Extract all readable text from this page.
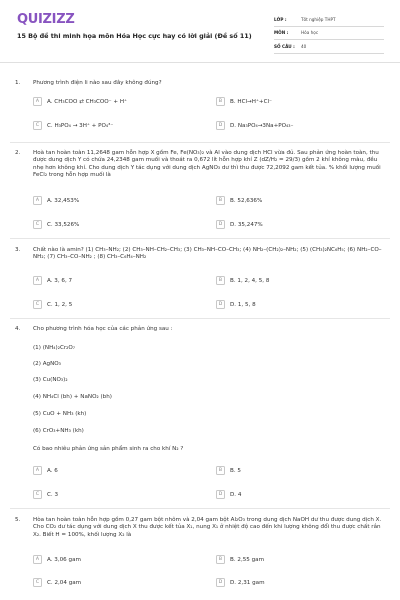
QUIZIZZ
15 Bộ đề thi minh họa môn Hóa Học cực hay có lời giải (Đề số 11)
LỚP :	Tốt nghiệp THPT
MÔN :	Hóa học
SỐ CÂU :	40
1. Phương trình điện li nào sau đây không đúng?
A	A. CH₃COO ⇄ CH₃COO⁻ + H⁺	B	B. HCl→H⁺+Cl⁻
C	C. H₃PO₄ → 3H⁺ + PO₄³⁻	D	D. Na₃PO₄→3Na+PO₄₃₋
2. Hoà tan hoàn toàn 11,2648 gam hỗn hợp X gồm Fe, Fe(NO₃)₂ và Al vào dung dịch HCl vừa đủ. Sau phản ứng hoàn toàn, thu được dung dịch Y có chứa 24,2348 gam muối và thoát ra 0,672 lít hỗn hợp khí Z (dZ/H₂ = 29/3) gồm 2 khí không màu, đều nhẹ hơn không khí. Cho dung dịch Y tác dụng với dung dịch AgNO₃ dư thì thu được 72,2092 gam kết tủa. % khối lượng muối FeCl₂ trong hỗn hợp muối là
A	A. 32,453%	B	B. 52,636%
C	C. 33,526%	D	D. 35,247%
3. Chất nào là amin? (1) CH₃–NH₂; (2) CH₃–NH–CH₂–CH₃; (3) CH₃–NH–CO–CH₃; (4) NH₂–(CH₂)₂–NH₂; (5) (CH₃)₂NC₆H₅; (6) NH₂–CO–NH₂; (7) CH₃–CO–NH₂ ; (8) CH₃–C₆H₄–NH₂
A	A. 3, 6, 7	B	B. 1, 2, 4, 5, 8
C	C. 1, 2, 5	D	D. 1, 5, 8
4. Cho phương trình hóa học của các phản ứng sau :
(1) (NH₄)₂Cr₂O₇
(2) AgNO₃
(3) Cu(NO₃)₂
(4) NH₄Cl (bh) + NaNO₂ (bh)
(5) CuO + NH₃ (kh)
(6) CrO₃+NH₃ (kh)
Có bao nhiêu phản ứng sản phẩm sinh ra cho khí N₂ ?
A	A. 6	B	B. 5
C	C. 3	D	D. 4
5. Hòa tan hoàn toàn hỗn hợp gồm 0,27 gam bột nhôm và 2,04 gam bột Al₂O₃ trong dung dịch NaOH dư thu được dung dịch X. Cho CO₂ dư tác dụng với dung dịch X thu được kết tủa X₁, nung X₁ ở nhiệt độ cao đến khi lượng không đổi thu được chất rắn X₂. Biết H = 100%, khối lượng X₂ là
A	A. 3,06 gam	B	B. 2,55 gam
C	C. 2,04 gam	D	D. 2,31 gam
